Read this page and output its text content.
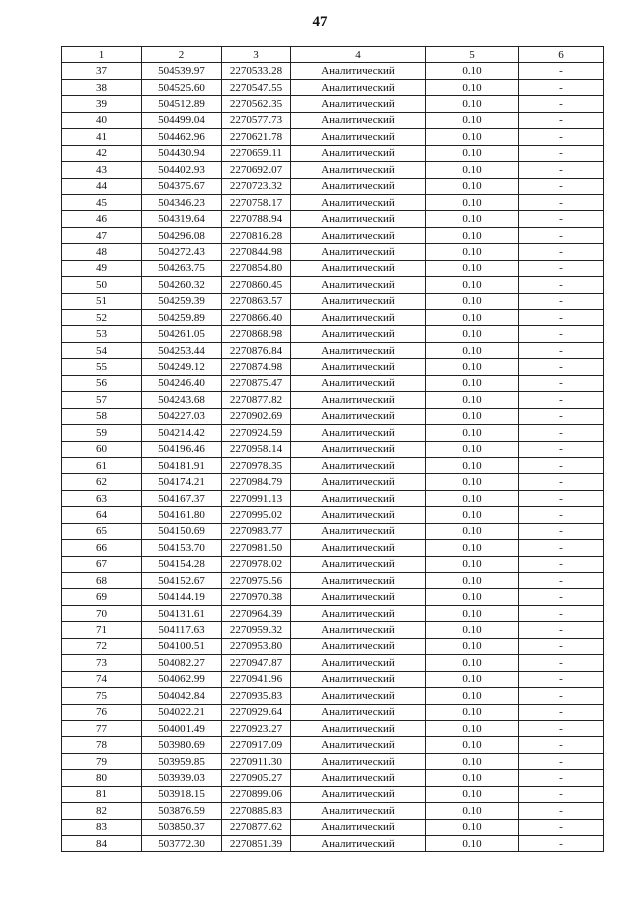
47
1	2	3	4	5	6
37	504539.97	2270533.28	Аналитический	0.10	-
38	504525.60	2270547.55	Аналитический	0.10	-
39	504512.89	2270562.35	Аналитический	0.10	-
40	504499.04	2270577.73	Аналитический	0.10	-
41	504462.96	2270621.78	Аналитический	0.10	-
42	504430.94	2270659.11	Аналитический	0.10	-
43	504402.93	2270692.07	Аналитический	0.10	-
44	504375.67	2270723.32	Аналитический	0.10	-
45	504346.23	2270758.17	Аналитический	0.10	-
46	504319.64	2270788.94	Аналитический	0.10	-
47	504296.08	2270816.28	Аналитический	0.10	-
48	504272.43	2270844.98	Аналитический	0.10	-
49	504263.75	2270854.80	Аналитический	0.10	-
50	504260.32	2270860.45	Аналитический	0.10	-
51	504259.39	2270863.57	Аналитический	0.10	-
52	504259.89	2270866.40	Аналитический	0.10	-
53	504261.05	2270868.98	Аналитический	0.10	-
54	504253.44	2270876.84	Аналитический	0.10	-
55	504249.12	2270874.98	Аналитический	0.10	-
56	504246.40	2270875.47	Аналитический	0.10	-
57	504243.68	2270877.82	Аналитический	0.10	-
58	504227.03	2270902.69	Аналитический	0.10	-
59	504214.42	2270924.59	Аналитический	0.10	-
60	504196.46	2270958.14	Аналитический	0.10	-
61	504181.91	2270978.35	Аналитический	0.10	-
62	504174.21	2270984.79	Аналитический	0.10	-
63	504167.37	2270991.13	Аналитический	0.10	-
64	504161.80	2270995.02	Аналитический	0.10	-
65	504150.69	2270983.77	Аналитический	0.10	-
66	504153.70	2270981.50	Аналитический	0.10	-
67	504154.28	2270978.02	Аналитический	0.10	-
68	504152.67	2270975.56	Аналитический	0.10	-
69	504144.19	2270970.38	Аналитический	0.10	-
70	504131.61	2270964.39	Аналитический	0.10	-
71	504117.63	2270959.32	Аналитический	0.10	-
72	504100.51	2270953.80	Аналитический	0.10	-
73	504082.27	2270947.87	Аналитический	0.10	-
74	504062.99	2270941.96	Аналитический	0.10	-
75	504042.84	2270935.83	Аналитический	0.10	-
76	504022.21	2270929.64	Аналитический	0.10	-
77	504001.49	2270923.27	Аналитический	0.10	-
78	503980.69	2270917.09	Аналитический	0.10	-
79	503959.85	2270911.30	Аналитический	0.10	-
80	503939.03	2270905.27	Аналитический	0.10	-
81	503918.15	2270899.06	Аналитический	0.10	-
82	503876.59	2270885.83	Аналитический	0.10	-
83	503850.37	2270877.62	Аналитический	0.10	-
84	503772.30	2270851.39	Аналитический	0.10	-
